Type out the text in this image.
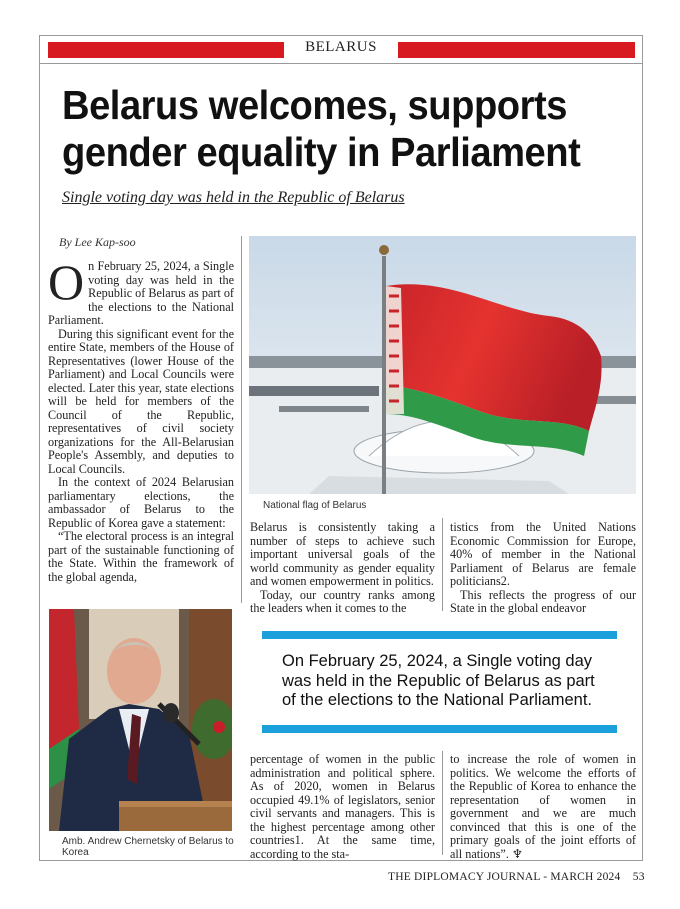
BELARUS
Belarus welcomes, supports
gender equality in Parliament
Single voting day was held in the Republic of Belarus
By Lee Kap-soo

On February 25, 2024, a Single voting day was held in the Republic of Belarus as part of the elections to the National Parliament.

During this significant event for the entire State, members of the House of Representatives (lower House of the Parliament) and Local Councils were elected. Later this year, state elections will be held for members of the Council of the Republic, representatives of civil society organizations for the All-Belarusian People's Assembly, and deputies to Local Councils.

In the context of 2024 Belarusian parliamentary elections, the ambassador of Belarus to the Republic of Korea gave a statement:

“The electoral process is an integral part of the sustainable functioning of the State. Within the framework of the global agenda,

National flag of Belarus

Belarus is consistently taking a number of steps to achieve such important universal goals of the world community as gender equality and women empowerment in politics.

Today, our country ranks among the leaders when it comes to the

tistics from the United Nations Economic Commission for Europe, 40% of member in the National Parliament of Belarus are female politicians2.

This reflects the progress of our State in the global endeavor

Amb. Andrew Chernetsky of Belarus to Korea

On February 25, 2024, a Single voting day was held in the Republic of Belarus as part of the elections to the National Parliament.

percentage of women in the public administration and political sphere. As of 2020, women in Belarus occupied 49.1% of legislators, senior civil servants and managers. This is the highest percentage among other countries1. At the same time, according to the sta-

to increase the role of women in politics. We welcome the efforts of the Republic of Korea to enhance the representation of women in government and we are much convinced that this is one of the primary goals of the joint efforts of all nations”. ♆

THE DIPLOMACY JOURNAL - MARCH 2024 53
